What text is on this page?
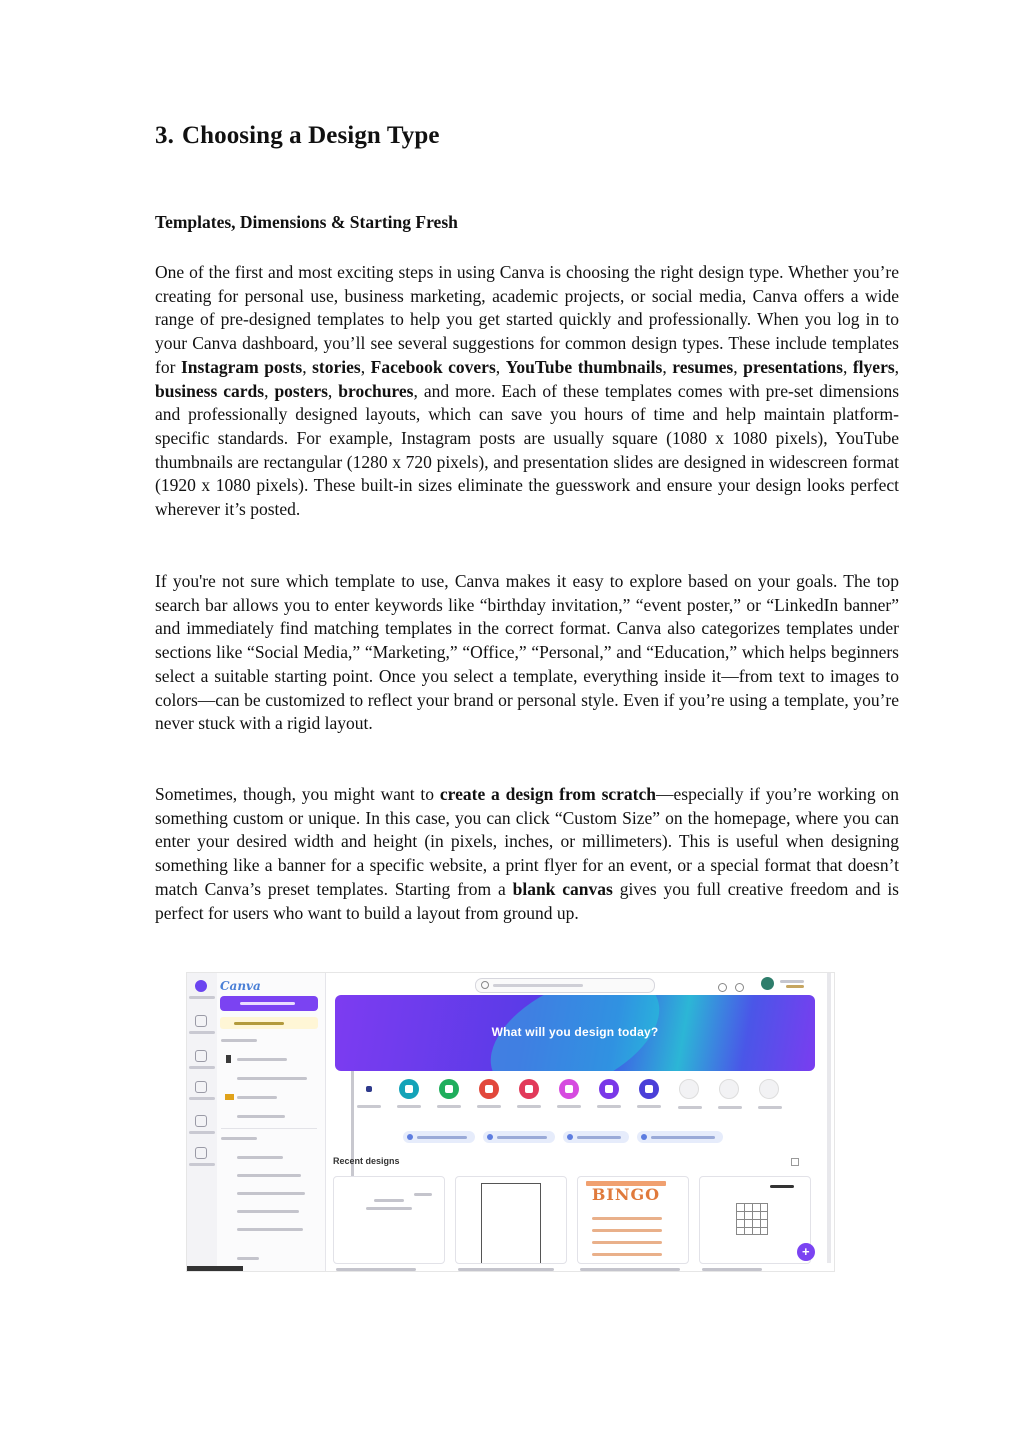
3. Choosing a Design Type
Templates, Dimensions & Starting Fresh

One of the first and most exciting steps in using Canva is choosing the right design type. Whether you’re creating for personal use, business marketing, academic projects, or social media, Canva offers a wide range of pre-designed templates to help you get started quickly and professionally. When you log in to your Canva dashboard, you’ll see several suggestions for common design types. These include templates for Instagram posts, stories, Facebook covers, YouTube thumbnails, resumes, presentations, flyers, business cards, posters, brochures, and more. Each of these templates comes with pre-set dimensions and professionally designed layouts, which can save you hours of time and help maintain platform-specific standards. For example, Instagram posts are usually square (1080 x 1080 pixels), YouTube thumbnails are rectangular (1280 x 720 pixels), and presentation slides are designed in widescreen format (1920 x 1080 pixels). These built-in sizes eliminate the guesswork and ensure your design looks perfect wherever it’s posted.

If you're not sure which template to use, Canva makes it easy to explore based on your goals. The top search bar allows you to enter keywords like “birthday invitation,” “event poster,” or “LinkedIn banner” and immediately find matching templates in the correct format. Canva also categorizes templates under sections like “Social Media,” “Marketing,” “Office,” “Personal,” and “Education,” which helps beginners select a suitable starting point. Once you select a template, everything inside it—from text to images to colors—can be customized to reflect your brand or personal style. Even if you’re using a template, you’re never stuck with a rigid layout.

Sometimes, though, you might want to create a design from scratch—especially if you’re working on something custom or unique. In this case, you can click “Custom Size” on the homepage, where you can enter your desired width and height (in pixels, inches, or millimeters). This is useful when designing something like a banner for a specific website, a print flyer for an event, or a special format that doesn’t match Canva’s preset templates. Starting from a blank canvas gives you full creative freedom and is perfect for users who want to build a layout from ground up.

Canva
What will you design today?
Recent designs
BINGO
+
